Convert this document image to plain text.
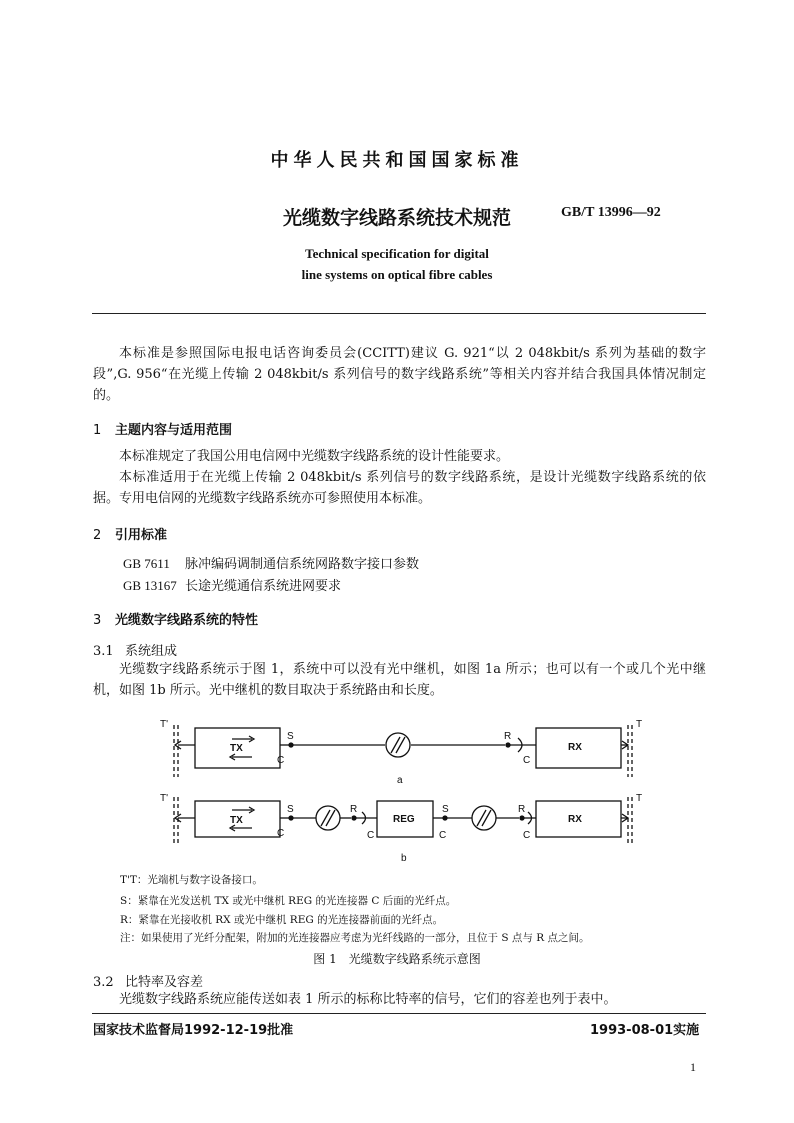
中华人民共和国国家标准
光缆数字线路系统技术规范	GB/T 13996—92
Technical specification for digital
line systems on optical fibre cables
本标准是参照国际电报电话咨询委员会(CCITT)建议 G. 921“以 2 048kbit/s 系列为基础的数字段”,G. 956“在光缆上传输 2 048kbit/s 系列信号的数字线路系统”等相关内容并结合我国具体情况制定的。
1 主题内容与适用范围
本标准规定了我国公用电信网中光缆数字线路系统的设计性能要求。
本标准适用于在光缆上传输 2 048kbit/s 系列信号的数字线路系统，是设计光缆数字线路系统的依据。专用电信网的光缆数字线路系统亦可参照使用本标准。
2 引用标准
GB 7611 脉冲编码调制通信系统网路数字接口参数
GB 13167 长途光缆通信系统进网要求
3 光缆数字线路系统的特性
3.1 系统组成
光缆数字线路系统示于图 1，系统中可以没有光中继机，如图 1a 所示；也可以有一个或几个光中继机，如图 1b 所示。光中继机的数目取决于系统路由和长度。
T'	T
TX
S
C
R
C
RX
a
T'	T
TX
S
C
R
C
REG
C
S	R
C
RX
b
T'T：光端机与数字设备接口。
S：紧靠在光发送机 TX 或光中继机 REG 的光连接器 C 后面的光纤点。
R：紧靠在光接收机 RX 或光中继机 REG 的光连接器前面的光纤点。
注：如果使用了光纤分配架，附加的光连接器应考虑为光纤线路的一部分，且位于 S 点与 R 点之间。
图 1　光缆数字线路系统示意图
3.2 比特率及容差
光缆数字线路系统应能传送如表 1 所示的标称比特率的信号，它们的容差也列于表中。
国家技术监督局1992-12-19批准	1993-08-01实施
1
